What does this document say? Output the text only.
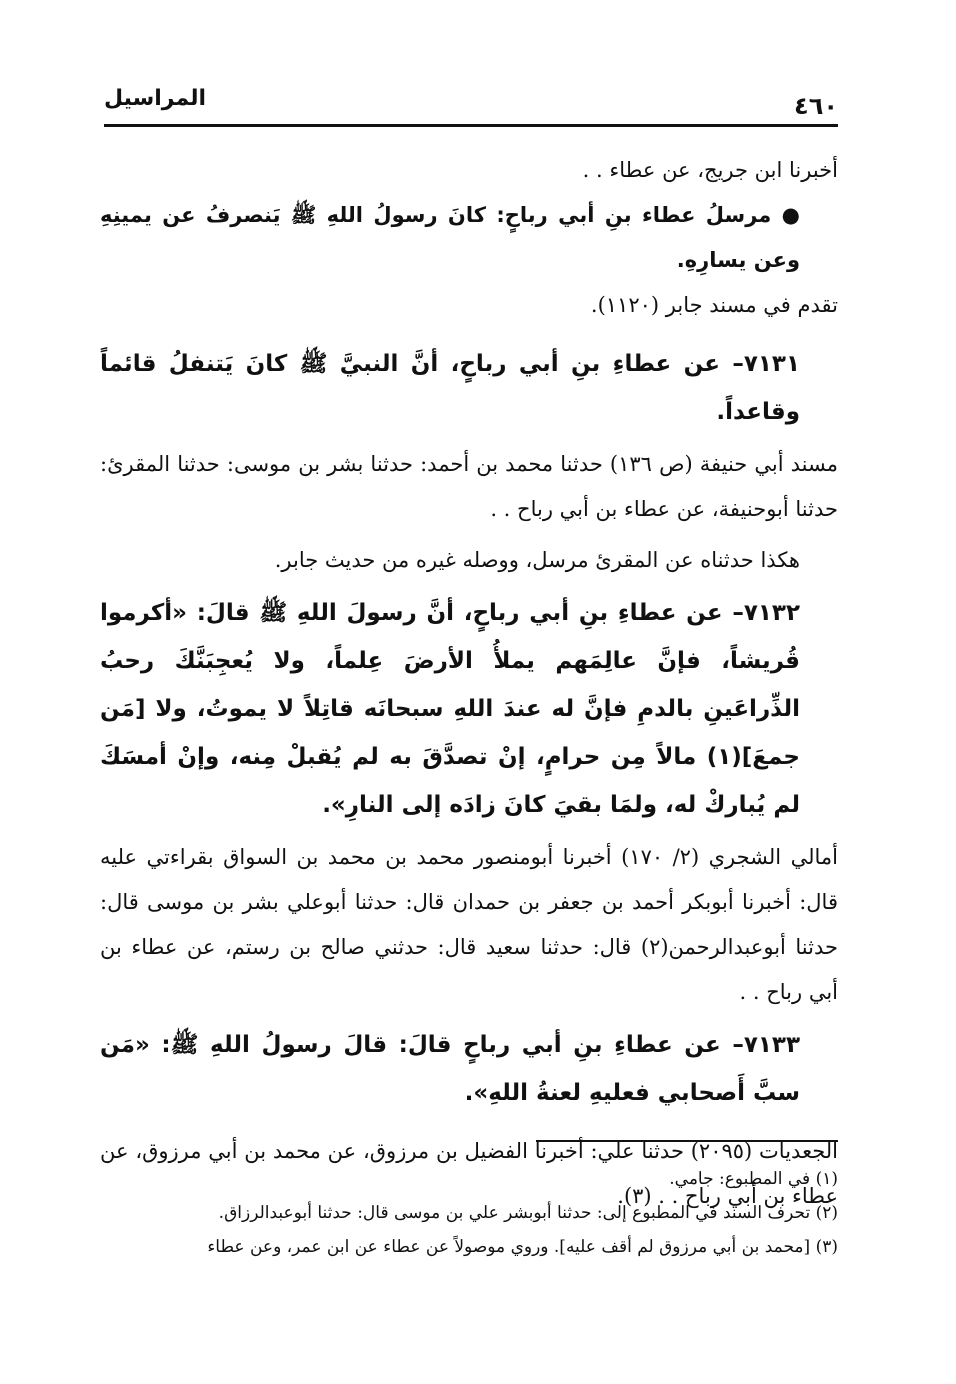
المراسيل	٤٦٠

أخبرنا ابن جريج، عن عطاء . .

● مرسلُ عطاء بنِ أبي رباحٍ: كانَ رسولُ اللهِ ﷺ يَنصرفُ عن يمينِهِ وعن يسارِهِ.

تقدم في مسند جابر (١١٢٠).

٧١٣١– عن عطاءِ بنِ أبي رباحٍ، أنَّ النبيَّ ﷺ كانَ يَتنفلُ قائماً وقاعداً.

مسند أبي حنيفة (ص ١٣٦) حدثنا محمد بن أحمد: حدثنا بشر بن موسى: حدثنا المقرئ: حدثنا أبوحنيفة، عن عطاء بن أبي رباح . .

هكذا حدثناه عن المقرئ مرسل، ووصله غيره من حديث جابر.

٧١٣٢– عن عطاءِ بنِ أبي رباحٍ، أنَّ رسولَ اللهِ ﷺ قالَ: «أكرموا قُريشاً، فإنَّ عالِمَهم يملأُ الأرضَ عِلماً، ولا يُعجِبَنَّكَ رحبُ الذِّراعَينِ بالدمِ فإنَّ له عندَ اللهِ سبحانَه قاتِلاً لا يموتُ، ولا [مَن جمعَ](١) مالاً مِن حرامٍ، إنْ تصدَّقَ به لم يُقبلْ مِنه، وإنْ أمسَكَ لم يُباركْ له، ولمَا بقيَ كانَ زادَه إلى النارِ».

أمالي الشجري (٢/ ١٧٠) أخبرنا أبومنصور محمد بن محمد بن السواق بقراءتي عليه قال: أخبرنا أبوبكر أحمد بن جعفر بن حمدان قال: حدثنا أبوعلي بشر بن موسى قال: حدثنا أبوعبدالرحمن(٢) قال: حدثنا سعيد قال: حدثني صالح بن رستم، عن عطاء بن أبي رباح . .

٧١٣٣– عن عطاءِ بنِ أبي رباحٍ قالَ: قالَ رسولُ اللهِ ﷺ: «مَن سبَّ أَصحابي فعليهِ لعنةُ اللهِ».

الجعديات (٢٠٩٥) حدثنا علي: أخبرنا الفضيل بن مرزوق، عن محمد بن أبي مرزوق، عن عطاء بن أبي رباح . . (٣).

(١) في المطبوع: جامي.

(٢) تحرف السند في المطبوع إلى: حدثنا أبوبشر علي بن موسى قال: حدثنا أبوعبدالرزاق.

(٣) [محمد بن أبي مرزوق لم أقف عليه]. وروي موصولاً عن عطاء عن ابن عمر، وعن عطاء
